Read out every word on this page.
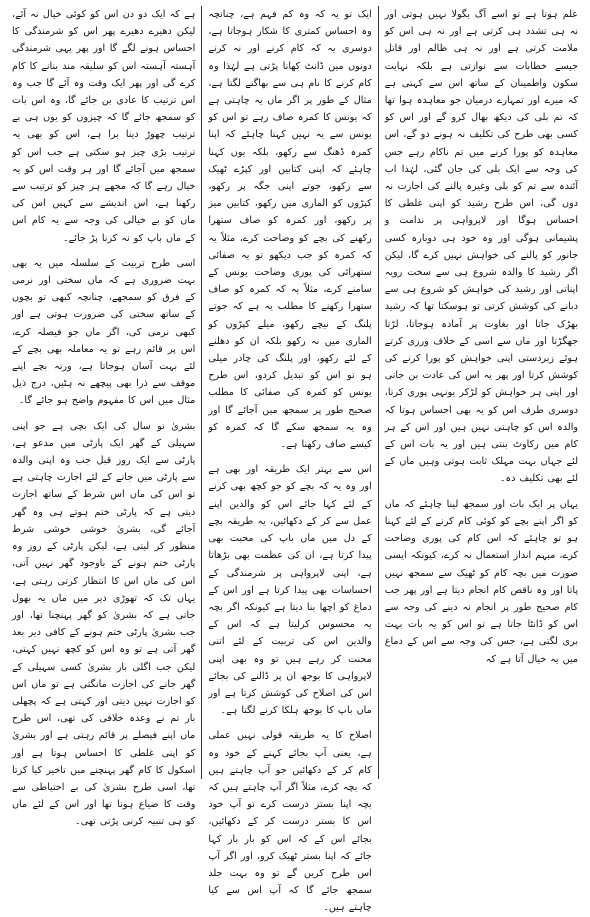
علم ہوتا ہے تو اسے آگ بگولا نہیں ہوتی اور نہ ہی تشدد ہی کرتی ہے اور نہ ہی اس کو ملامت کرتی ہے اور نہ ہی ظالم اور قاتل جیسے خطابات سے نوازتی ہے بلکہ نہایت سکون واطمینان کے ساتھ اس سے کہتی ہے کہ میرے اور تمہارے درمیان جو معاہدہ ہوا تھا کہ تم بلی کی دیکھ بھال کرو گے اور اس کو کسی بھی طرح کی تکلیف نہ ہونے دو گے، اس معاہدہ کو پورا کرنے میں تم ناکام رہے جس کی وجہ سے ایک بلی کی جان گئی، لہٰذا اب آئندہ سے تم کو بلی وغیرہ پالنے کی اجازت نہ دوں گی، اس طرح رشید کو اپنی غلطی کا احساس ہوگا اور لاپرواہی پر ندامت و پشیمانی ہوگی اور وہ خود ہی دوبارہ کسی جانور کو پالنے کی خواہش نہیں کرے گا، لیکن اگر رشید کا والدہ شروع ہی سے سخت رویہ اپناتی اور رشید کی خواہش کو شروع ہی سے دبانے کی کوشش کرتی تو ہوسکتا تھا کہ رشید بھڑک جاتا اور بغاوت پر آمادہ ہوجاتا، لڑتا جھگڑتا اور ماں سے اسی کے خلاف ورزی کرتے ہوئے زبردستی اپنی خواہش کو پورا کرنے کی کوشش کرتا اور پھر یہ اس کی عادت بن جاتی اور اپنی ہر خواہش کو لڑکر یونہی پوری کرتا، دوسری طرف اس کو یہ بھی احساس ہوتا کہ والدہ اس کو چاہتی نہیں ہیں اور اس کے ہر کام میں رکاوٹ بنتی ہیں اور یہ بات اس کے لئے جہاں بہت مہلک ثابت ہوتی وہیں ماں کے لئے بھی تکلیف دہ۔

یہاں پر ایک بات اور سمجھ لینا چاہئے کہ ماں کو اگر اپنے بچے کو کوئی کام کرنے کے لئے کہنا ہو تو چاہئے کہ اس کام کی پوری وضاحت کرے، مبہم انداز استعمال نہ کرے، کیونکہ ایسی صورت میں بچہ کام کو ٹھیک سے سمجھ نہیں پاتا اور وہ ناقص کام انجام دیتا ہے اور پھر جب کام صحیح طور پر انجام نہ دینے کی وجہ سے اس کو ڈانٹا جاتا ہے تو اس کو یہ بات بہت بری لگتی ہے، جس کی وجہ سے اس کے دماغ میں یہ خیال آتا ہے کہ

ایک تو یہ کہ وہ کم فہم ہے، چنانچہ وہ احساس کمتری کا شکار ہوجاتا ہے، دوسری یہ کہ کام کرنے اور نہ کرنے دونوں میں ڈانٹ کھانا پڑتی ہے لہٰذا وہ کام کرنے کا نام ہی سے بھاگنے لگتا ہے، مثال کے طور پر اگر ماں یہ چاہتی ہے کہ یونس کا کمرہ صاف رہے تو اس کو یونس سے یہ نہیں کہنا چاہئے کہ اپنا کمرہ ڈھنگ سے رکھو، بلکہ یوں کہنا چاہئے کہ اپنی کتابیں اور کپڑے ٹھیک سے رکھو، جوتے اپنی جگہ پر رکھو، کپڑوں کو الماری میں رکھو، کتابیں میز پر رکھو، اور کمرہ کو صاف ستھرا رکھنے کی بچے کو وضاحت کرے، مثلاً یہ کہ کمرہ کو جب دیکھو تو یہ صفائی ستھرائی کی پوری وضاحت یونس کے سامنے کرے، مثلاً یہ کہ کمرہ کو صاف ستھرا رکھنے کا مطلب یہ ہے کہ جوتے پلنگ کے نیچے رکھو، میلے کپڑوں کو الماری میں نہ رکھو بلکہ ان کو دھلنے کے لئے رکھو، اور پلنگ کی چادر میلی ہو تو اس کو تبدیل کردو، اس طرح یونس کو کمرہ کی صفائی کا مطلب صحیح طور پر سمجھ میں آجائے گا اور وہ یہ سمجھ سکے گا کہ کمرہ کو کیسے صاف رکھنا ہے۔

اس سے بہتر ایک طریقہ اور بھی ہے اور وہ یہ کہ بچے کو جو کچھ بھی کرنے کے لئے کہا جائے اس کو والدین اپنے عمل سے کر کے دکھائیں، یہ طریقہ بچے کے دل میں ماں باپ کی محبت بھی پیدا کرتا ہے، ان کی عظمت بھی بڑھاتا ہے، اپنی لاپرواہی پر شرمندگی کے احساسات بھی پیدا کرتا ہے اور اس کے دماغ کو اچھا بنا دیتا ہے کیونکہ اگر بچہ یہ محسوس کرلیتا ہے کہ اس کے والدین اس کی تربیت کے لئے اتنی محنت کر رہے ہیں تو وہ بھی اپنی لاپرواہی کا بوجھ ان پر ڈالنے کی بجائے اس کی اصلاح کی کوشش کرتا ہے اور ماں باپ کا بوجھ ہلکا کرنے لگتا ہے۔

اصلاح کا یہ طریقہ قولی نہیں عملی ہے، یعنی آپ بجائے کہنے کے خود وہ کام کر کے دکھائیں جو آپ چاہتے ہیں کہ بچہ کرے، مثلاً اگر آپ چاہتے ہیں کہ بچہ اپنا بستر درست کرے تو آپ خود اس کا بستر درست کر کے دکھائیں، بجائے اس کے کہ اس کو بار بار کہا جائے کہ اپنا بستر ٹھیک کرو، اور اگر آپ اس طرح کریں گے تو وہ بہت جلد سمجھ جائے گا کہ آپ اس سے کیا چاہتے ہیں۔

ہے کہ ایک دو دن اس کو کوئی خیال نہ آئے، لیکن دھیرے دھیرے پھر اس کو شرمندگی کا احساس ہونے لگے گا اور پھر یہی شرمندگی آہستہ آہستہ اس کو سلیقہ مند بنانے کا کام کرے گی اور پھر ایک وقت وہ آئے گا جب وہ اس ترتیب کا عادی بن جائے گا، وہ اس بات کو سمجھ جائے گا کہ چیزوں کو یوں ہی بے ترتیب چھوڑ دینا برا ہے، اس کو بھی یہ ترتیب بڑی چیز ہو سکتی ہے جب اس کو سمجھ میں آجائے گا اور ہر وقت اس کو یہ خیال رہے گا کہ مجھے ہر چیز کو ترتیب سے رکھنا ہے، اس اندیشے سے کہیں اس کی ماں کو بے خیالی کی وجہ سے یہ کام اس کے ماں باپ کو نہ کرنا پڑ جائے۔

اسی طرح تربیت کے سلسلہ میں یہ بھی بہت ضروری ہے کہ ماں سختی اور نرمی کے فرق کو سمجھے، چنانچہ کبھی تو بچوں کے ساتھ سختی کی ضرورت ہوتی ہے اور کبھی نرمی کی، اگر ماں جو فیصلہ کرے، اس پر قائم رہے تو یہ معاملہ بھی بچے کے لئے بہت آسان ہوجاتا ہے، ورنہ بچے اپنے موقف سے ذرا بھی پیچھے نہ ہٹیں، درج ذیل مثال میں اس کا مفہوم واضح ہو جائے گا۔

بشریٰ نو سال کی ایک بچی ہے جو اپنی سہیلی کے گھر ایک پارٹی میں مدعو ہے، پارٹی سے ایک روز قبل جب وہ اپنی والدہ سے پارٹی میں جانے کے لئے اجازت چاہتی ہے تو اس کی ماں اس شرط کے ساتھ اجازت دیتی ہے کہ پارٹی ختم ہوتے ہی وہ گھر آجائے گی، بشریٰ خوشی خوشی شرط منظور کر لیتی ہے، لیکن پارٹی کے روز وہ پارٹی ختم ہونے کے باوجود گھر نہیں آتی، اس کی ماں اس کا انتظار کرتی رہتی ہے، یہاں تک کہ تھوڑی دیر میں ماں یہ بھول جاتی ہے کہ بشریٰ کو گھر پہنچنا تھا، اور جب بشریٰ پارٹی ختم ہونے کے کافی دیر بعد گھر آتی ہے تو وہ اس کو کچھ نہیں کہتی، لیکن جب اگلی بار بشریٰ کسی سہیلی کے گھر جانے کی اجازت مانگتی ہے تو ماں اس کو اجازت نہیں دیتی اور کہتی ہے کہ پچھلی بار تم نے وعدہ خلافی کی تھی، اس طرح ماں اپنے فیصلے پر قائم رہتی ہے اور بشریٰ کو اپنی غلطی کا احساس ہوتا ہے اور اسکول کا کام گھر پہنچنے میں تاخیر کیا کرتا تھا، اسی طرح بشریٰ کی بے احتیاطی سے وقت کا ضیاع ہوتا تھا اور اس کے لئے ماں کو ہی تنبیہ کرنی پڑتی تھی۔
